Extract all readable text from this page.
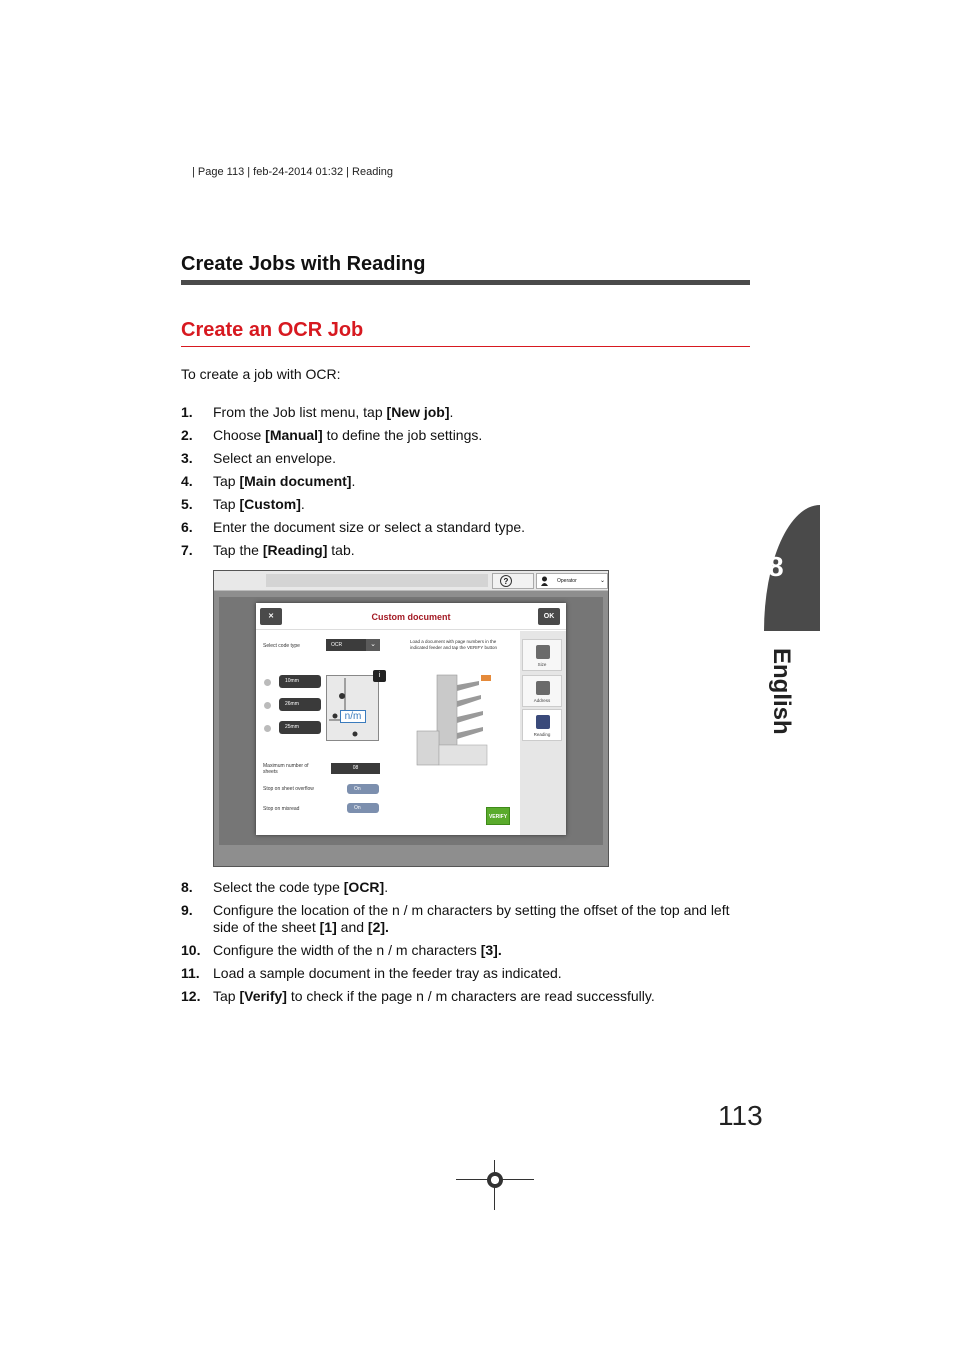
| Page 113 | feb-24-2014 01:32 | Reading
Create Jobs with Reading
Create an OCR Job
To create a job with OCR:
1. From the Job list menu, tap [New job].
2. Choose [Manual] to define the job settings.
3. Select an envelope.
4. Tap [Main document].
5. Tap [Custom].
6. Enter the document size or select a standard type.
7. Tap the [Reading] tab.
?	Operator	⌄
✕	Custom document	OK
Select code type	OCR	⌄
10mm
26mm
25mm
n/m
i
Maximum number of sheets
08
Stop on sheet overflow	On
Stop on misread	On
Load a document with page numbers in the indicated feeder and tap the VERIFY button
VERIFY
Size
Address
Reading
8. Select the code type [OCR].
9. Configure the location of the n / m characters by setting the offset of the top and left side of the sheet [1] and [2].
10. Configure the width of the n / m characters [3].
11. Load a sample document in the feeder tray as indicated.
12. Tap [Verify] to check if the page n / m characters are read successfully.
8
English
113
